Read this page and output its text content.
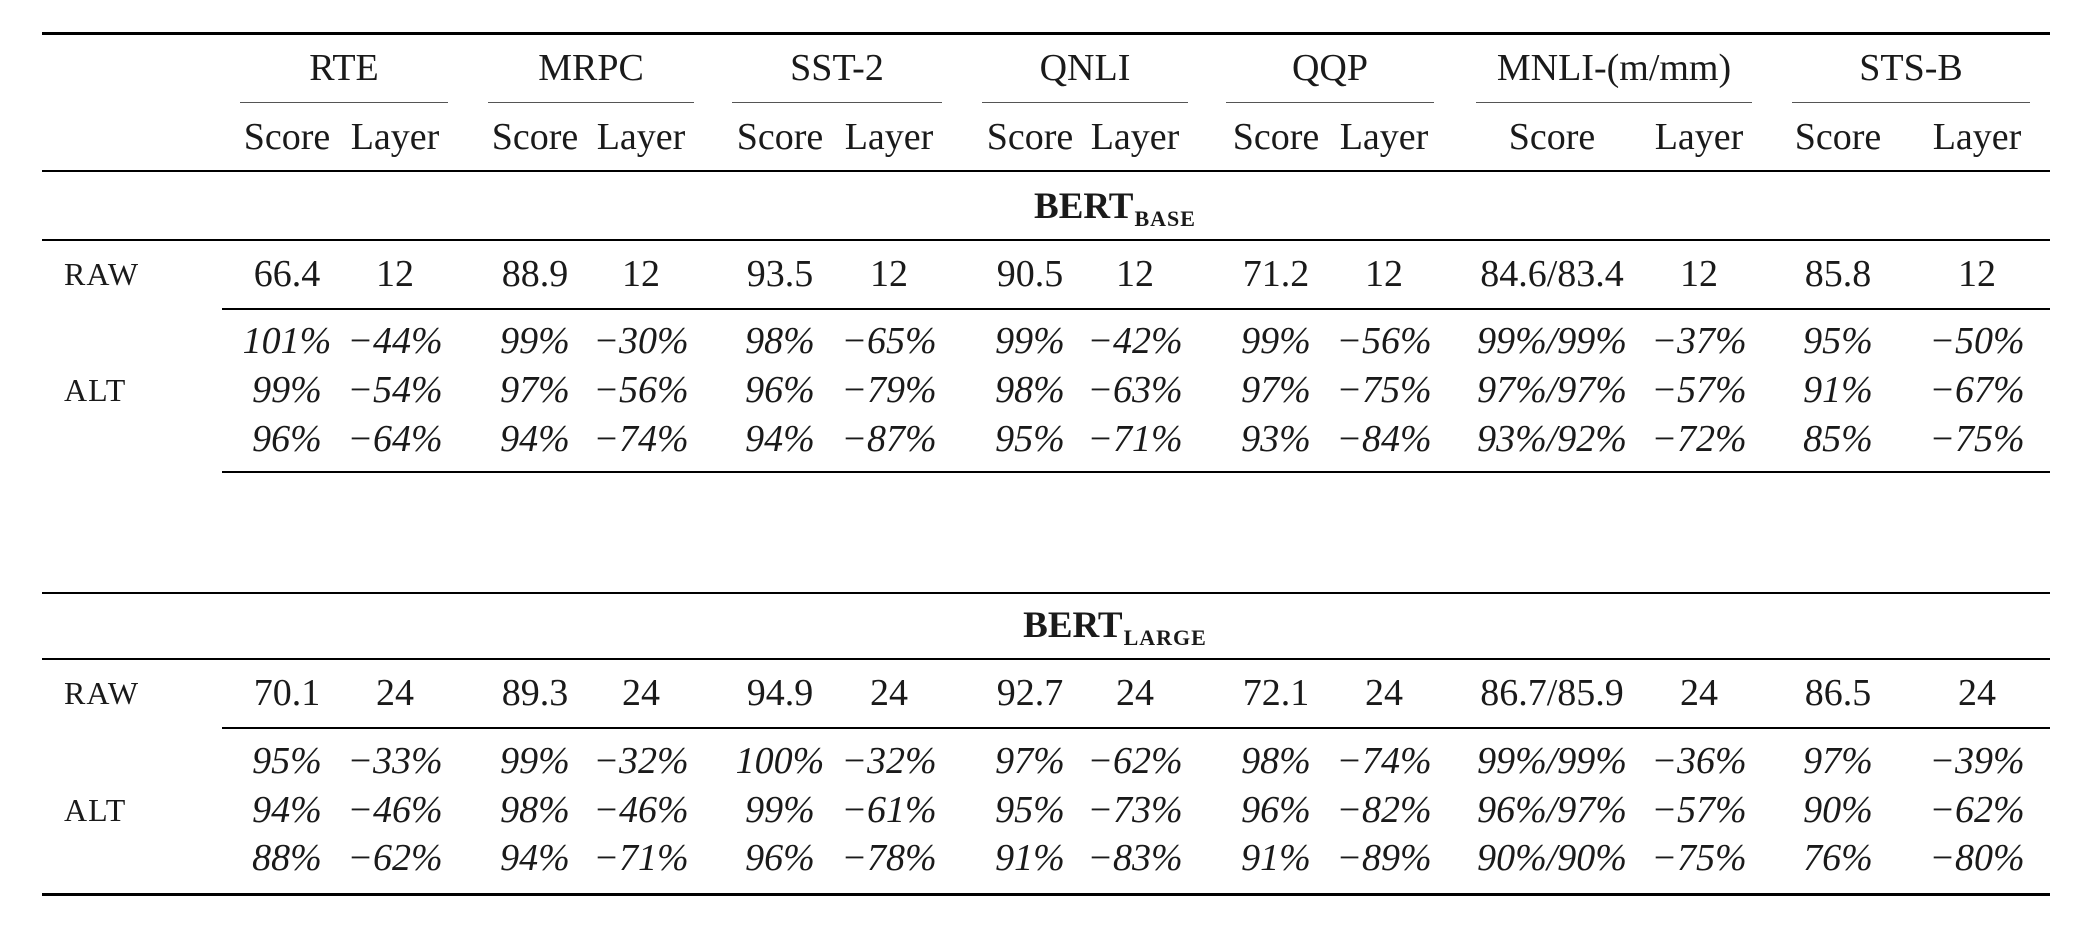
RTE
Score Layer
MRPC
Score Layer
SST-2
Score Layer
QNLI
Score Layer
QQP
Score Layer
MNLI-(m/mm)
Score Layer
STS-B
Score Layer
$BERT_{BASE}$
RAW	66.4 12 88.9 12 93.5 12 90.5 12 71.2 12 84.6/83.4 12 85.8 12
ALT
101% −44% 99% −30% 98% −65% 99% −42% 99% −56% 99%/99% −37% 95% −50%
99% −54% 97% −56% 96% −79% 98% −63% 97% −75% 97%/97% −57% 91% −67%
96% −64% 94% −74% 94% −87% 95% −71% 93% −84% 93%/92% −72% 85% −75%
$BERT_{LARGE}$
RAW	70.1 24 89.3 24 94.9 24 92.7 24 72.1 24 86.7/85.9 24 86.5 24
ALT
95% −33% 99% −32% 100% −32% 97% −62% 98% −74% 99%/99% −36% 97% −39%
94% −46% 98% −46% 99% −61% 95% −73% 96% −82% 96%/97% −57% 90% −62%
88% −62% 94% −71% 96% −78% 91% −83% 91% −89% 90%/90% −75% 76% −80%
